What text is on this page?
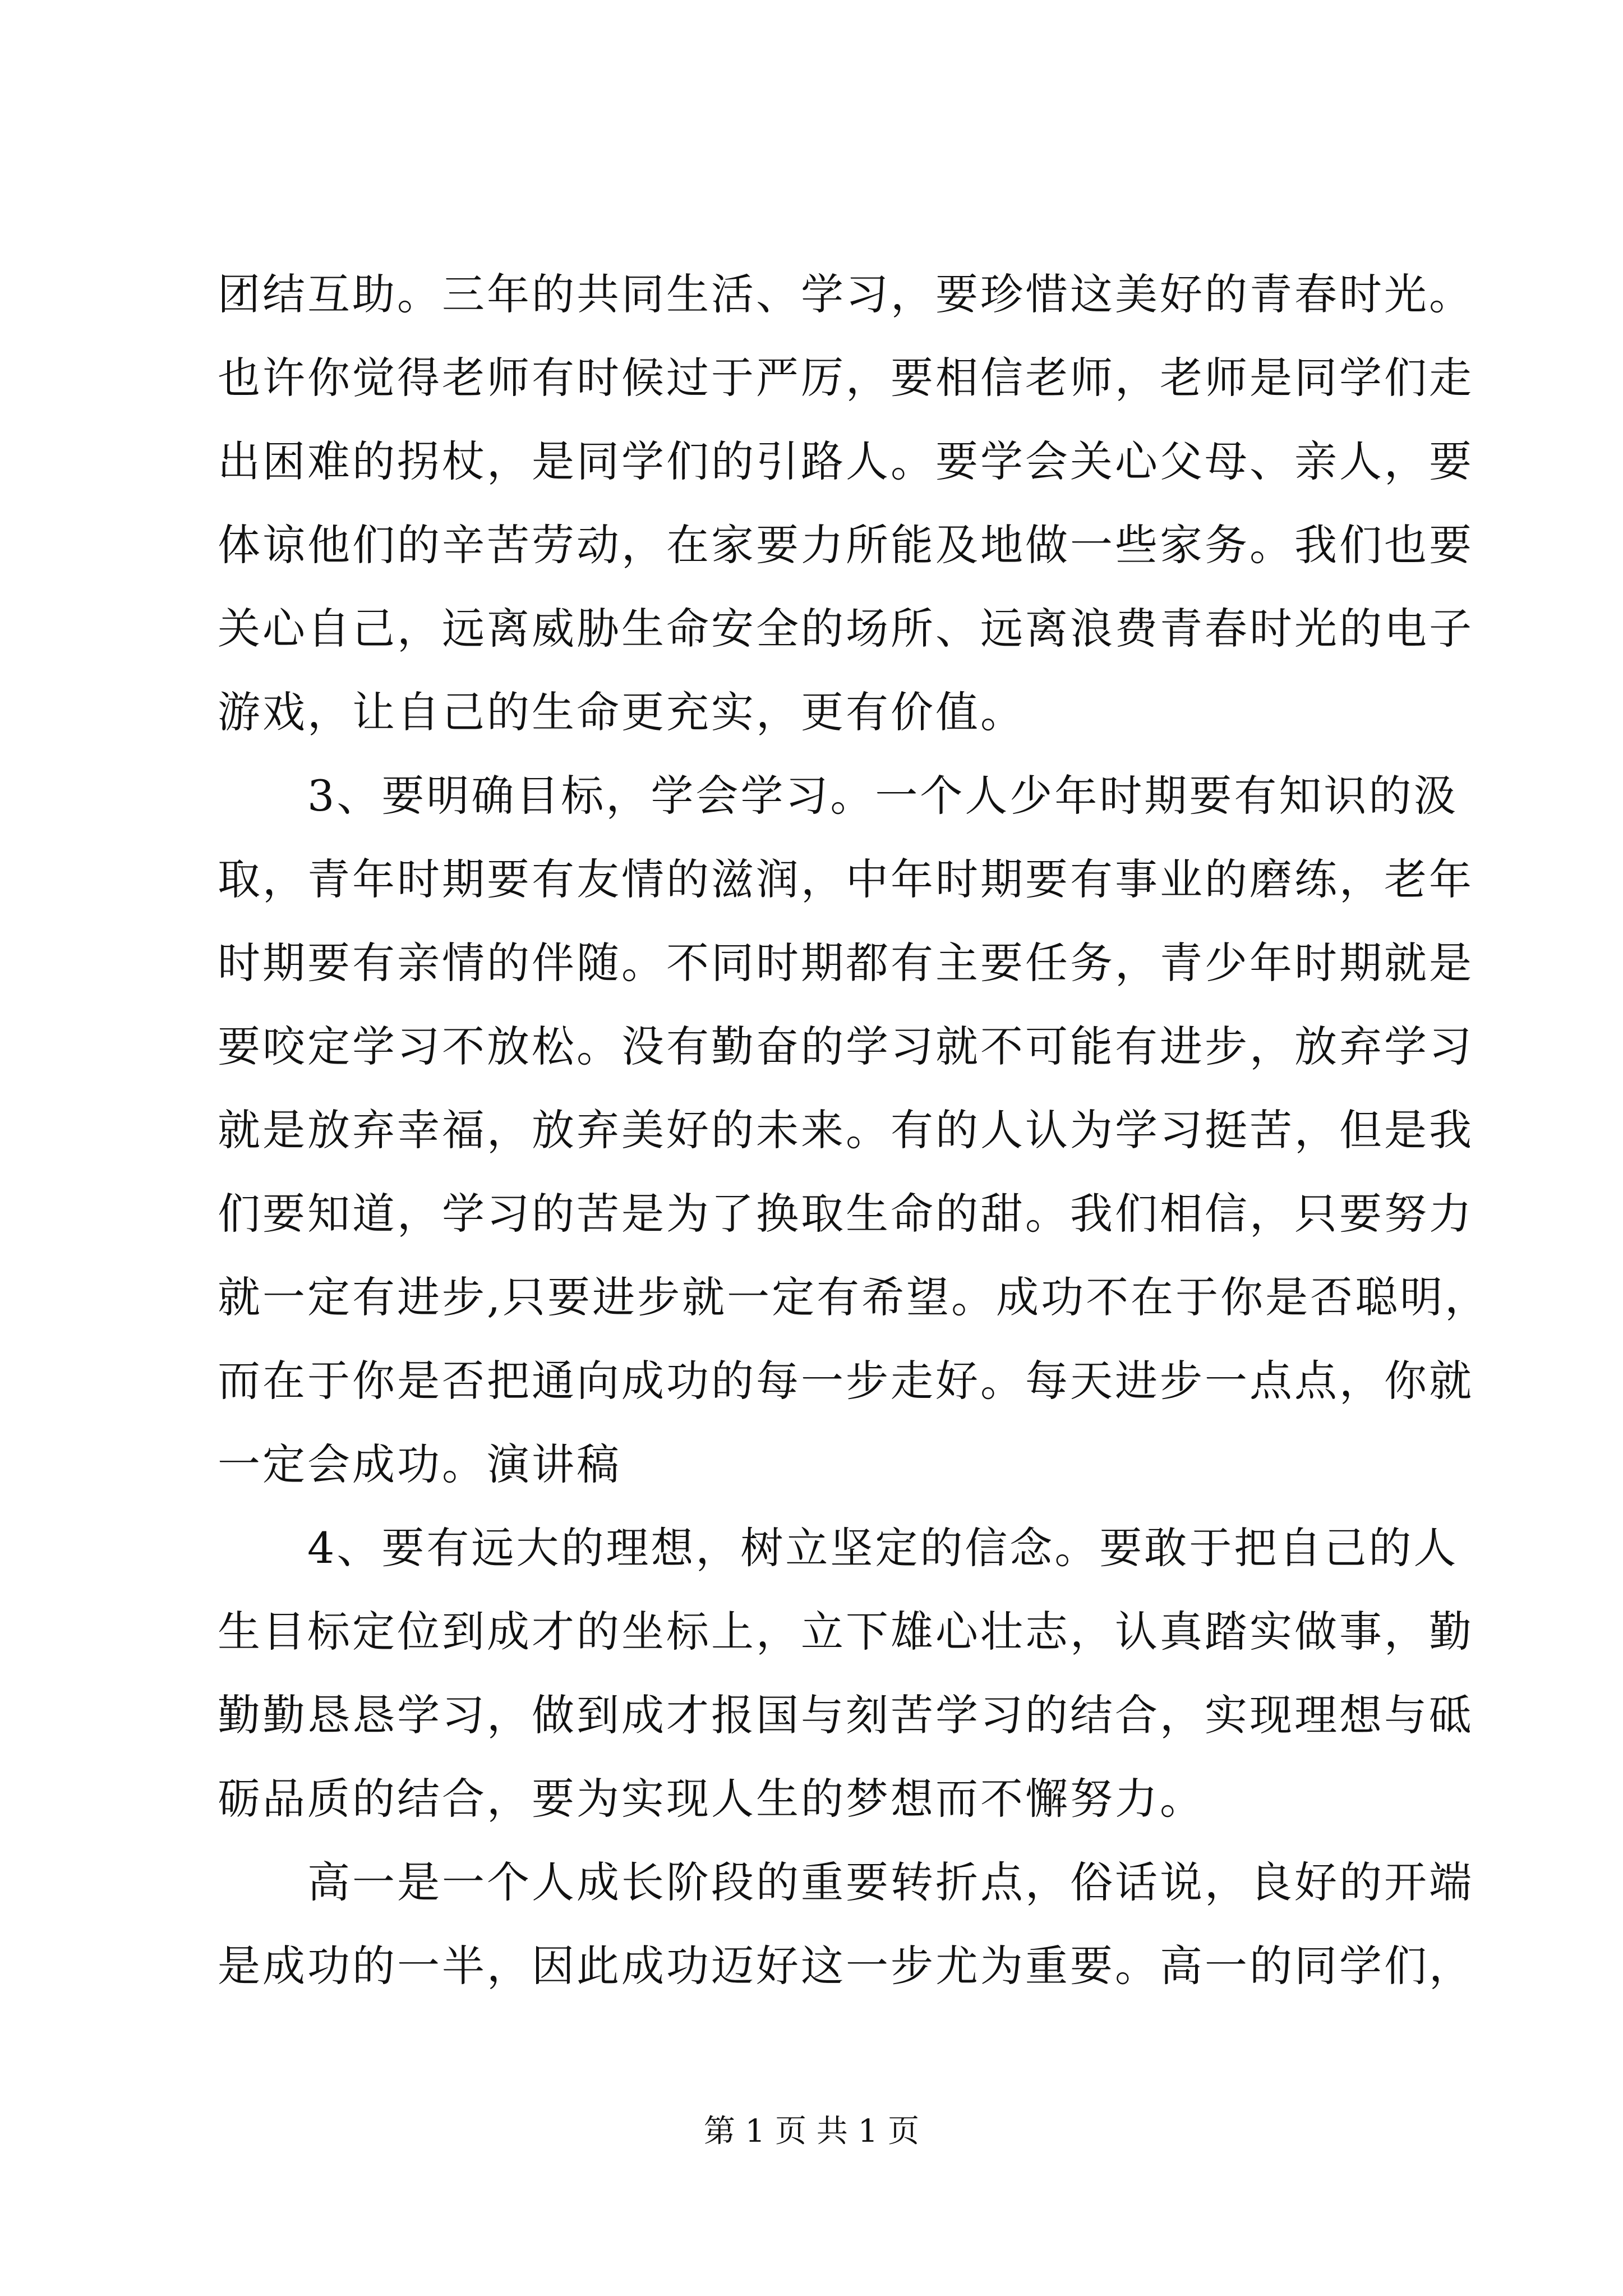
团结互助。三年的共同生活、学习，要珍惜这美好的青春时光。
也许你觉得老师有时候过于严厉，要相信老师，老师是同学们走
出困难的拐杖，是同学们的引路人。要学会关心父母、亲人，要
体谅他们的辛苦劳动，在家要力所能及地做一些家务。我们也要
关心自己，远离威胁生命安全的场所、远离浪费青春时光的电子
游戏，让自己的生命更充实，更有价值。
　　3、要明确目标，学会学习。一个人少年时期要有知识的汲
取，青年时期要有友情的滋润，中年时期要有事业的磨练，老年
时期要有亲情的伴随。不同时期都有主要任务，青少年时期就是
要咬定学习不放松。没有勤奋的学习就不可能有进步，放弃学习
就是放弃幸福，放弃美好的未来。有的人认为学习挺苦，但是我
们要知道，学习的苦是为了换取生命的甜。我们相信，只要努力
就一定有进步,只要进步就一定有希望。成功不在于你是否聪明，
而在于你是否把通向成功的每一步走好。每天进步一点点，你就
一定会成功。演讲稿
　　4、要有远大的理想，树立坚定的信念。要敢于把自己的人
生目标定位到成才的坐标上，立下雄心壮志，认真踏实做事，勤
勤勤恳恳学习，做到成才报国与刻苦学习的结合，实现理想与砥
砺品质的结合，要为实现人生的梦想而不懈努力。
　　高一是一个人成长阶段的重要转折点，俗话说，良好的开端
是成功的一半，因此成功迈好这一步尤为重要。高一的同学们，
第 1 页 共 1 页
